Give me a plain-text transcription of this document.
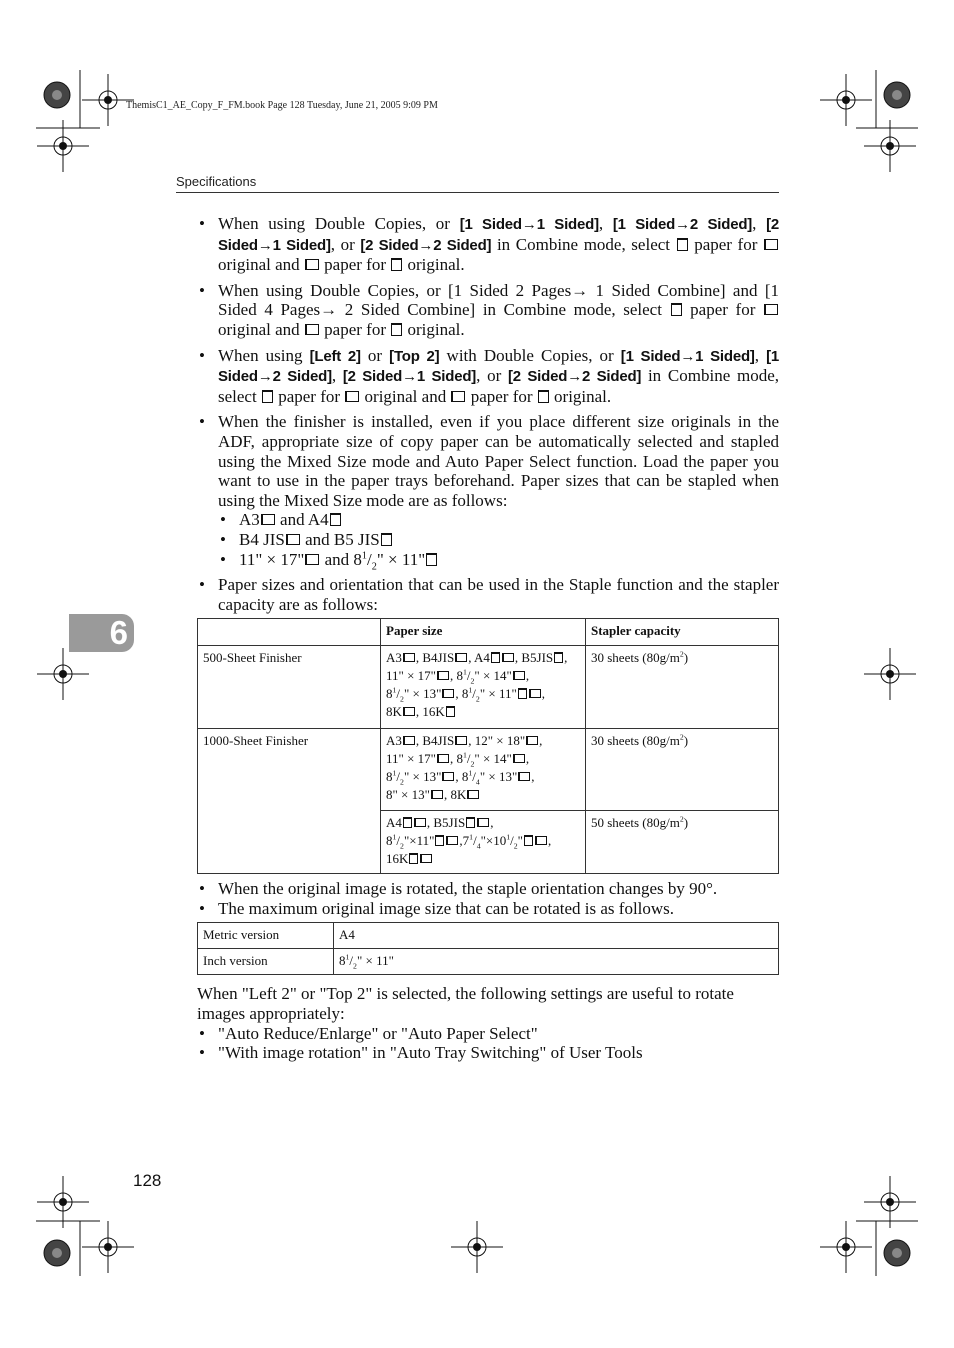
ThemisC1_AE_Copy_F_FM.book Page 128 Tuesday, June 21, 2005 9:09 PM
Specifications
6
• When using Double Copies, or [1 Sided→1 Sided], [1 Sided→2 Sided], [2 Sided→1 Sided], or [2 Sided→2 Sided] in Combine mode, select  paper for  original and  paper for  original.
• When using Double Copies, or [1 Sided 2 Pages→ 1 Sided Combine] and [1 Sided 4 Pages→ 2 Sided Combine] in Combine mode, select  paper for  original and  paper for  original.
• When using [Left 2] or [Top 2] with Double Copies, or [1 Sided→1 Sided], [1 Sided→2 Sided], [2 Sided→1 Sided], or [2 Sided→2 Sided] in Combine mode, select  paper for  original and  paper for  original.
• When the finisher is installed, even if you place different size originals in the ADF, appropriate size of copy paper can be automatically selected and stapled using the Mixed Size mode and Auto Paper Select function. Load the paper you want to use in the paper trays beforehand. Paper sizes that can be stapled when using the Mixed Size mode are as follows:
• A3 and A4
• B4 JIS and B5 JIS
• 11" × 17" and $8^1/_2$" × 11"
• Paper sizes and orientation that can be used in the Staple function and the stapler capacity are as follows:
	Paper size	Stapler capacity
500-Sheet Finisher	A3 , B4JIS , A4 , B5JIS ,
11" × 17" , $8^1/_2$" × 14" ,
$8^1/_2$" × 13" , $8^1/_2$" × 11" ,
8K , 16K	30 sheets $(80g/m^2)$
1000-Sheet Finisher	A3 , B4JIS , 12" × 18" ,
11" × 17" , $8^1/_2$" × 14" ,
$8^1/_2$" × 13" , $8^1/_4$" × 13" ,
8" × 13" , 8K	30 sheets $(80g/m^2)$
	A4 , B5JIS ,
$8^1/_2"\times 11$" $,7^1/_4"\times 10^1/_2$" ,
16K	50 sheets $(80g/m^2)$
• When the original image is rotated, the staple orientation changes by 90°.
• The maximum original image size that can be rotated is as follows.
Metric version	A4
Inch version	$8^1/_2$" × 11"

When "Left 2" or "Top 2" is selected, the following settings are useful to rotate images appropriately:

• "Auto Reduce/Enlarge" or "Auto Paper Select"
• "With image rotation" in "Auto Tray Switching" of User Tools
128
